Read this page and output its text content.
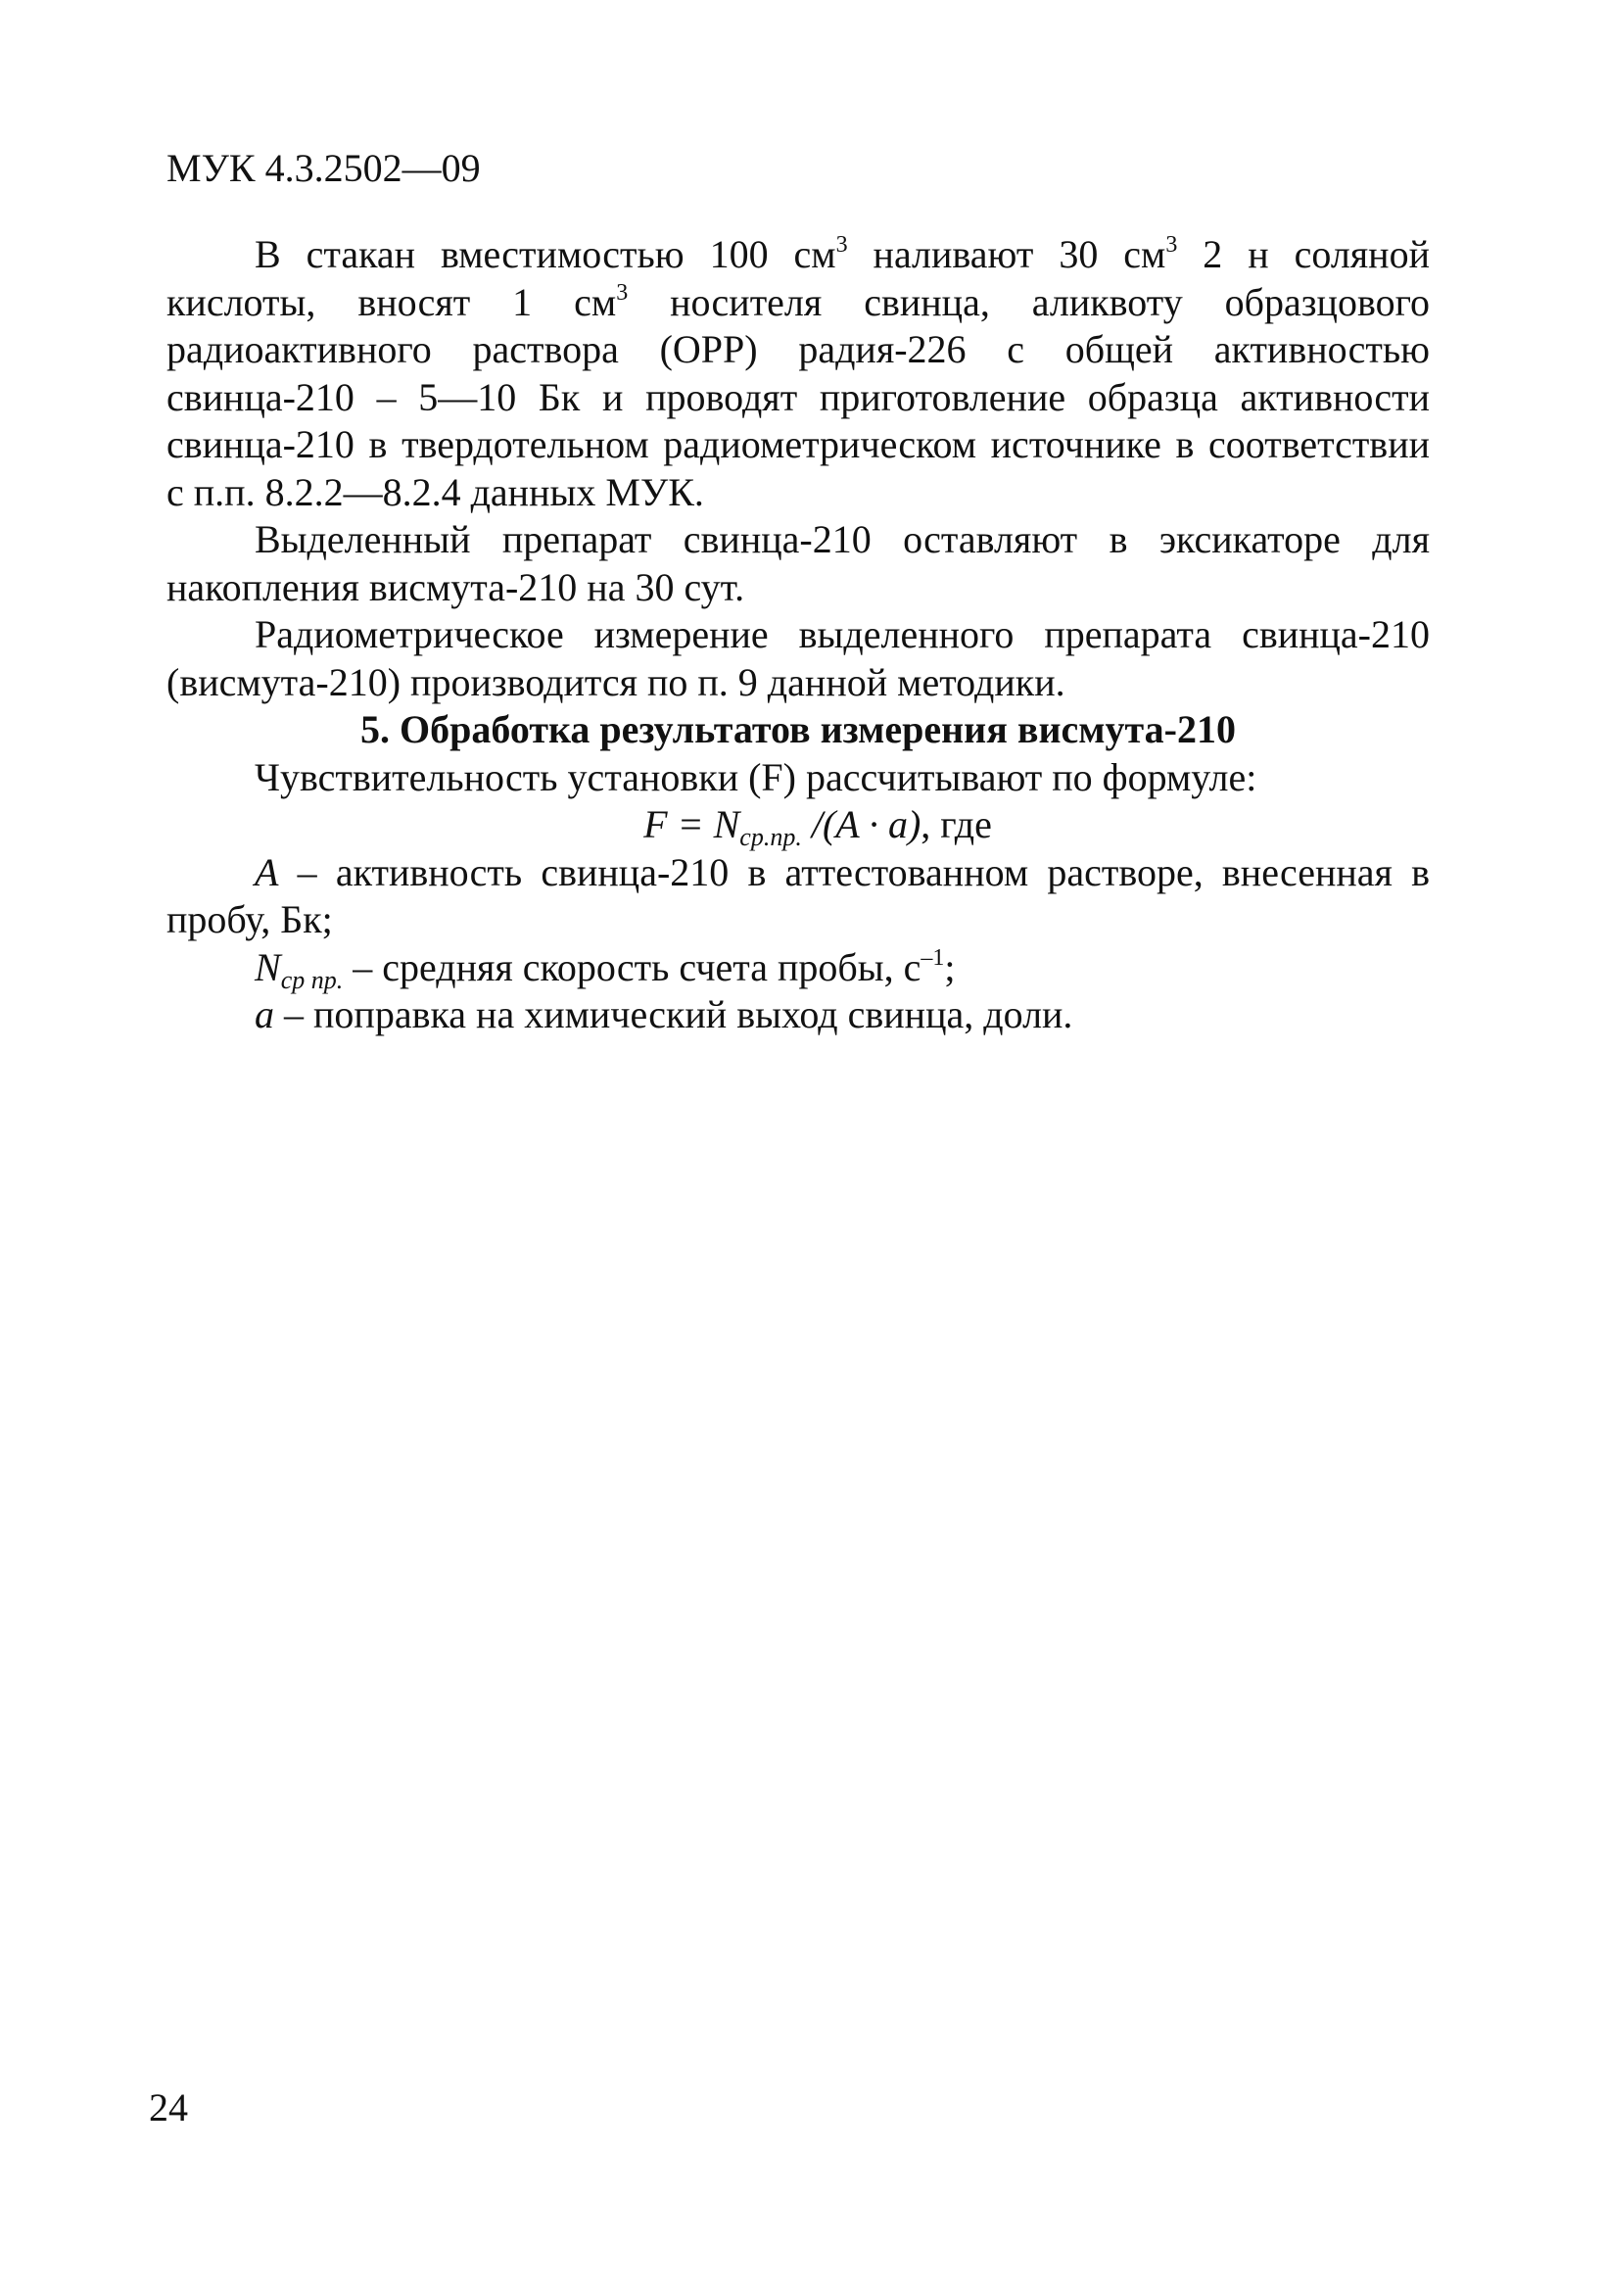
МУК 4.3.2502—09

В стакан вместимостью 100 $см^3$ наливают 30 $см^3$ 2 н соляной кислоты, вносят 1 $см^3$ носителя свинца, аликвоту образцового радиоактивного раствора (ОРР) радия-226 с общей активностью свинца-210 – 5—10 Бк и проводят приготовление образца активности свинца-210 в твердотельном радиометрическом источнике в соответствии с п.п. 8.2.2—8.2.4 данных МУК.

Выделенный препарат свинца-210 оставляют в эксикаторе для накопления висмута-210 на 30 сут.

Радиометрическое измерение выделенного препарата свинца-210 (висмута-210) производится по п. 9 данной методики.

5. Обработка результатов измерения висмута-210

Чувствительность установки (F) рассчитывают по формуле:

$F = N_{ср.пр.}$ /(A · a), где

A – активность свинца-210 в аттестованном растворе, внесенная в пробу, Бк;

$N_{ср пр.}$ – средняя скорость счета пробы, $с^{-1}$;

a – поправка на химический выход свинца, доли.

24
